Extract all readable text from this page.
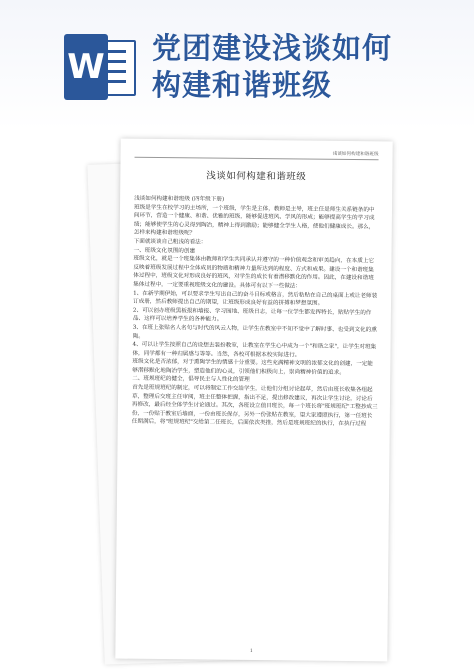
W 党团建设浅谈如何
构建和谐班级
浅谈如何构建和谐班级
浅谈如何构建和谐班级

浅谈如何构建和谐班级 (四年级下册)

班级是学生在校学习的主场所，一个班级，学生是主体，教师是主导，班主任是师生关系链条的中间环节，营造一个健康、和谐、优雅的班级，能够促进班风、学风的形成；能够提高学生的学习成绩；能够使学生的心灵得到陶冶，精神上得到激励；能够健全学生人格，使他们健康成长。那么，怎样来构建和谐班级呢？

下面就谈谈自己粗浅的看法：

一、班级文化氛围的创建

班级文化，就是一个班集体由教师和学生共同承认并遵守的一种价值观念和审美趋向，在本质上它反映着班级发展过程中全体成员的物质和精神力量所达到的程度、方式和成果。建设一个和谐班集体过程中，班级文化对形成良好的班风，对学生的成长有着潜移默化的作用。因此，在建设和谐班集体过程中，一定要重视班级文化的建设。具体可有以下一些做法：

1、在新学期伊始，可以要求学生写出自己的奋斗目标或格言，然后粘贴在自己的桌面上或让老师装订成册，然后教师提出自己的期望，让班级形成良好有益的拼搏和梦想氛围。

2、可以创办班级黑板报和墙报、学习园地、班级日志，让每一位学生都发挥特长，贴贴学生的作品、这样可以培养学生的各种能力。

3、在班上张贴名人名句与时代的风云人物，让学生在教室中不知不觉中了解时事、也受到文化的熏陶。

4、可以让学生按照自己的设想去装扮教室，让教室在学生心中成为一个"和谐之家"，让学生对班集体，同学都有一种归属感与等等。当然，各校可根据本校实际进行。

班级文化是否浓郁，对于熏陶学生的情感十分重要。这些充满精神文明的浓郁文化的创建，一定能够潜移默化地陶冶学生，塑造他们的心灵，引领他们积极向上，崇尚精神价值的追求。

二、班规班纪的健全，倡导民主与人性化的管理

首先是班规班纪的制定，可以将制定工作交给学生，让他们分组讨论起草，然后由班长收集各组起草，整理后交班主任审阅，班主任整体把握，指出不足，提出修改建议，再次让学生讨论，讨论后再修改，最后经全体学生讨论通过。其次，各班设立值日班长，每一个班长将"班规班纪"工整抄成三份，一份贴于教室后墙面，一份由班长保存，另外一份张贴在教室，望大家遵照执行，第一任班长任期满后，将"班规班纪"交给第二任班长，后面依次类推，然后是班规班纪的执行，在执行过程

1
